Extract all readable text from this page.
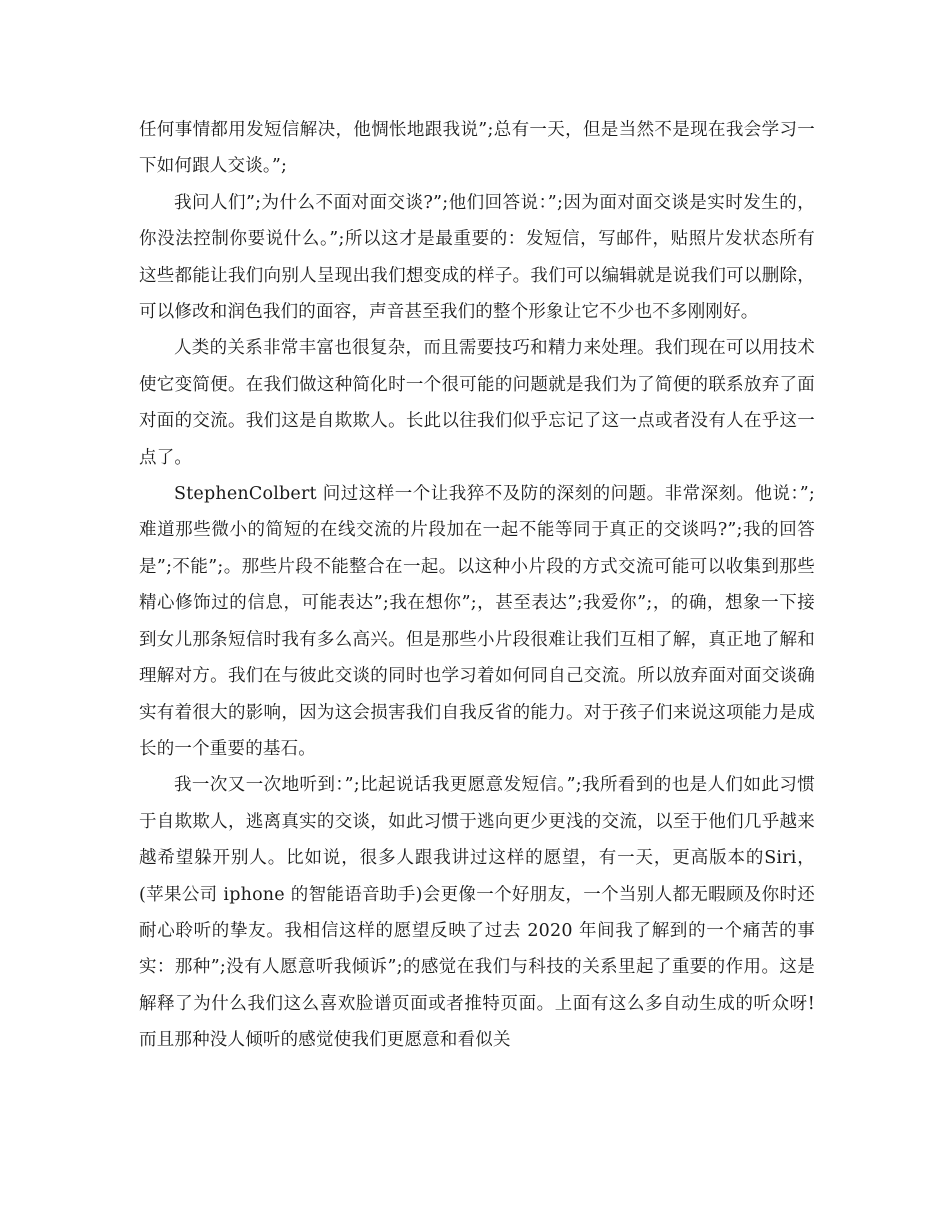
任何事情都用发短信解决，他惆怅地跟我说”;总有一天，但是当然不是现在我会学习一下如何跟人交谈。”;

我问人们”;为什么不面对面交谈?”;他们回答说：”;因为面对面交谈是实时发生的，你没法控制你要说什么。”;所以这才是最重要的：发短信，写邮件，贴照片发状态所有这些都能让我们向别人呈现出我们想变成的样子。我们可以编辑就是说我们可以删除，可以修改和润色我们的面容，声音甚至我们的整个形象让它不少也不多刚刚好。

人类的关系非常丰富也很复杂，而且需要技巧和精力来处理。我们现在可以用技术使它变简便。在我们做这种简化时一个很可能的问题就是我们为了简便的联系放弃了面对面的交流。我们这是自欺欺人。长此以往我们似乎忘记了这一点或者没有人在乎这一点了。

StephenColbert 问过这样一个让我猝不及防的深刻的问题。非常深刻。他说：”;难道那些微小的简短的在线交流的片段加在一起不能等同于真正的交谈吗?”;我的回答是”;不能”;。那些片段不能整合在一起。以这种小片段的方式交流可能可以收集到那些精心修饰过的信息，可能表达”;我在想你”;，甚至表达”;我爱你”;，的确，想象一下接到女儿那条短信时我有多么高兴。但是那些小片段很难让我们互相了解，真正地了解和理解对方。我们在与彼此交谈的同时也学习着如何同自己交流。所以放弃面对面交谈确实有着很大的影响，因为这会损害我们自我反省的能力。对于孩子们来说这项能力是成长的一个重要的基石。

我一次又一次地听到：”;比起说话我更愿意发短信。”;我所看到的也是人们如此习惯于自欺欺人，逃离真实的交谈，如此习惯于逃向更少更浅的交流，以至于他们几乎越来越希望躲开别人。比如说，很多人跟我讲过这样的愿望，有一天，更高版本的Siri，(苹果公司 iphone 的智能语音助手)会更像一个好朋友，一个当别人都无暇顾及你时还耐心聆听的挚友。我相信这样的愿望反映了过去 2020 年间我了解到的一个痛苦的事实：那种”;没有人愿意听我倾诉”;的感觉在我们与科技的关系里起了重要的作用。这是解释了为什么我们这么喜欢脸谱页面或者推特页面。上面有这么多自动生成的听众呀!而且那种没人倾听的感觉使我们更愿意和看似关
